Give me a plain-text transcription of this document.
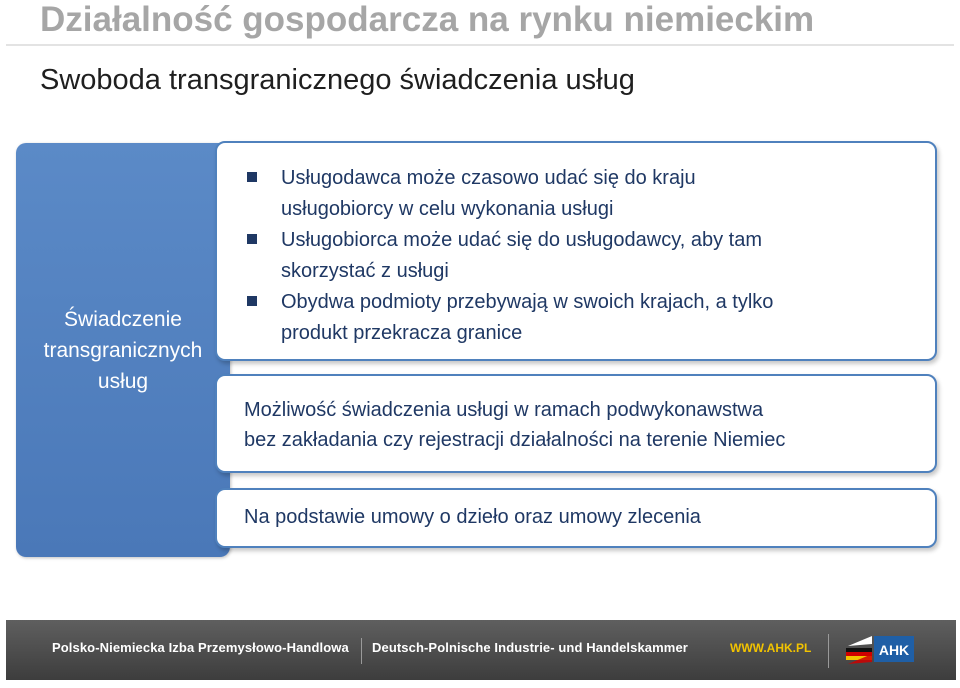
Działalność gospodarcza na rynku niemieckim
Swoboda transgranicznego świadczenia usług
Świadczenie
transgranicznych
usług
Usługodawca może czasowo udać się do kraju
usługobiorcy w celu wykonania usługi
Usługobiorca może udać się do usługodawcy, aby tam
skorzystać z usługi
Obydwa podmioty przebywają w swoich krajach, a tylko
produkt przekracza granice
Możliwość świadczenia usługi w ramach podwykonawstwa
bez zakładania czy rejestracji działalności na terenie Niemiec
Na podstawie umowy o dzieło oraz umowy zlecenia
Polsko-Niemiecka Izba Przemysłowo-Handlowa Deutsch-Polnische Industrie- und Handelskammer	WWW.AHK.PL	AHK
